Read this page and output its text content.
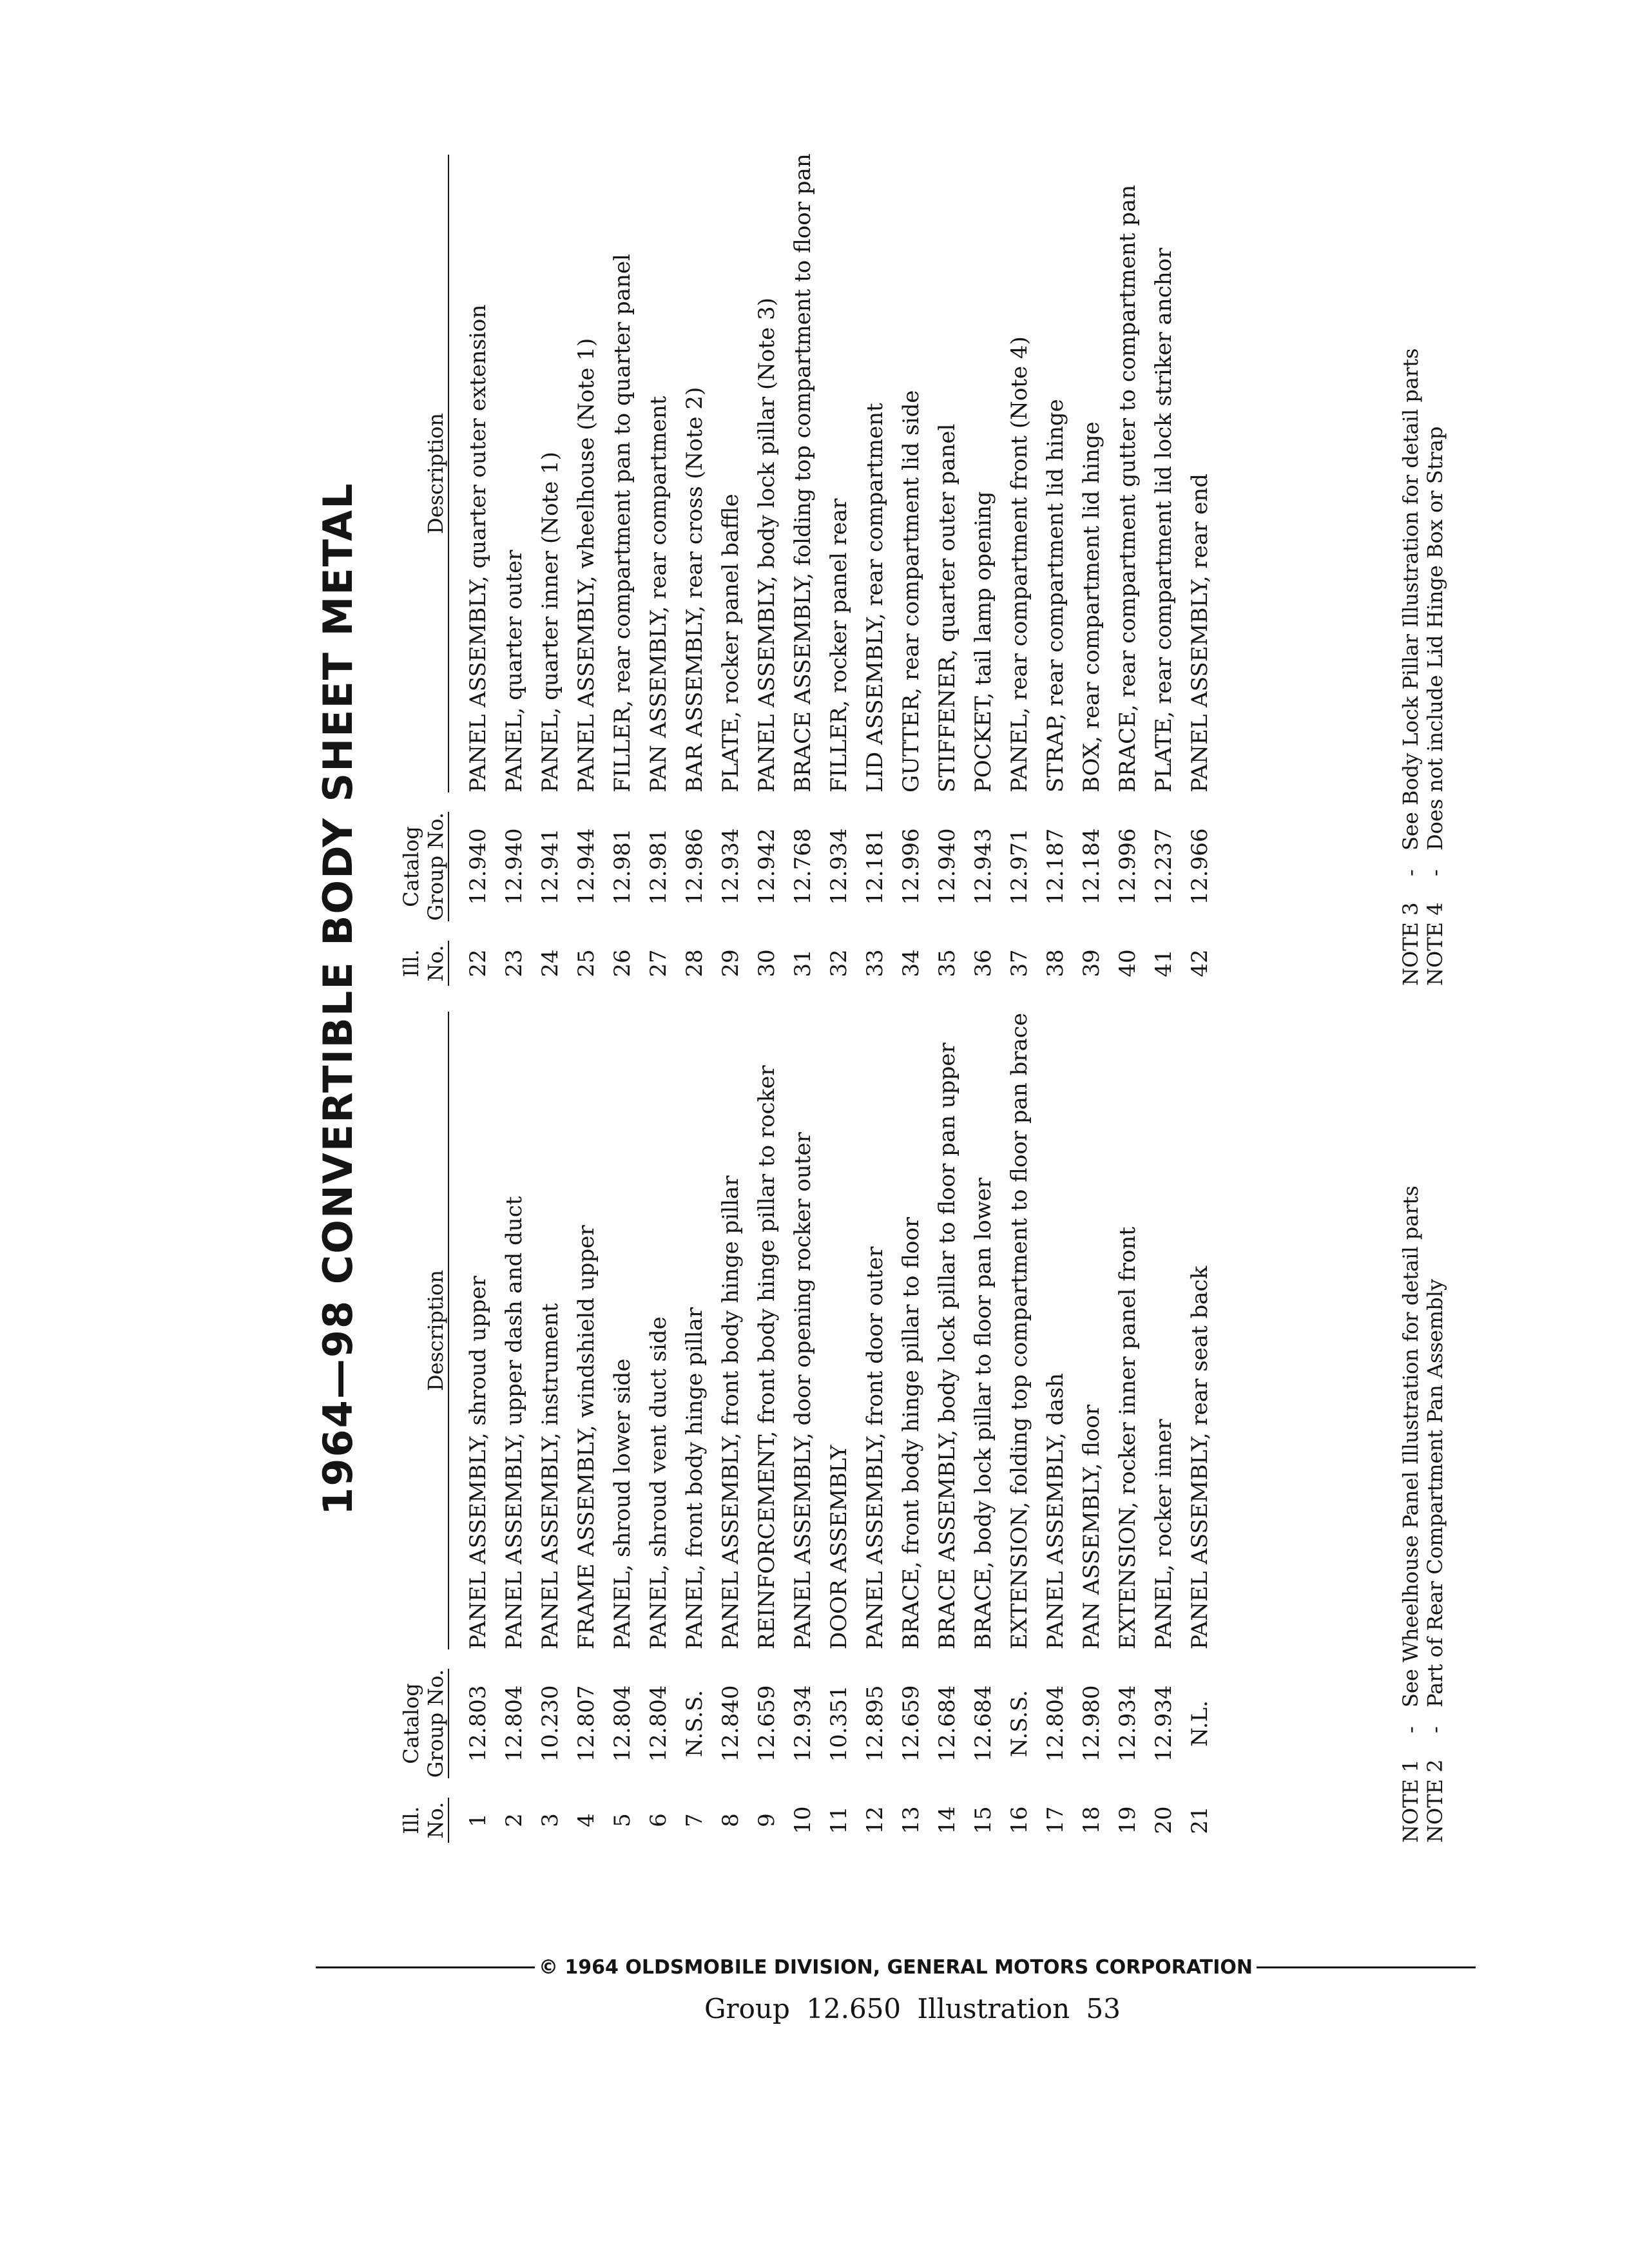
1964—98 CONVERTIBLE BODY SHEET METAL
Ill. No.
Catalog Group No.
Description
1
12.803
PANEL ASSEMBLY, shroud upper
2
12.804
PANEL ASSEMBLY, upper dash and duct
3
10.230
PANEL ASSEMBLY, instrument
4
12.807
FRAME ASSEMBLY, windshield upper
5
12.804
PANEL, shroud lower side
6
12.804
PANEL, shroud vent duct side
7
N.S.S.
PANEL, front body hinge pillar
8
12.840
PANEL ASSEMBLY, front body hinge pillar
9
12.659
REINFORCEMENT, front body hinge pillar to rocker
10
12.934
PANEL ASSEMBLY, door opening rocker outer
11
10.351
DOOR ASSEMBLY
12
12.895
PANEL ASSEMBLY, front door outer
13
12.659
BRACE, front body hinge pillar to floor
14
12.684
BRACE ASSEMBLY, body lock pillar to floor pan upper
15
12.684
BRACE, body lock pillar to floor pan lower
16
N.S.S.
EXTENSION, folding top compartment to floor pan brace
17
12.804
PANEL ASSEMBLY, dash
18
12.980
PAN ASSEMBLY, floor
19
12.934
EXTENSION, rocker inner panel front
20
12.934
PANEL, rocker inner
21
N.L.
PANEL ASSEMBLY, rear seat back
Ill. No.
Catalog Group No.
Description
22
12.940
PANEL ASSEMBLY, quarter outer extension
23
12.940
PANEL, quarter outer
24
12.941
PANEL, quarter inner (Note 1)
25
12.944
PANEL ASSEMBLY, wheelhouse (Note 1)
26
12.981
FILLER, rear compartment pan to quarter panel
27
12.981
PAN ASSEMBLY, rear compartment
28
12.986
BAR ASSEMBLY, rear cross (Note 2)
29
12.934
PLATE, rocker panel baffle
30
12.942
PANEL ASSEMBLY, body lock pillar (Note 3)
31
12.768
BRACE ASSEMBLY, folding top compartment to floor pan
32
12.934
FILLER, rocker panel rear
33
12.181
LID ASSEMBLY, rear compartment
34
12.996
GUTTER, rear compartment lid side
35
12.940
STIFFENER, quarter outer panel
36
12.943
POCKET, tail lamp opening
37
12.971
PANEL, rear compartment front (Note 4)
38
12.187
STRAP, rear compartment lid hinge
39
12.184
BOX, rear compartment lid hinge
40
12.996
BRACE, rear compartment gutter to compartment pan
41
12.237
PLATE, rear compartment lid lock striker anchor
42
12.966
PANEL ASSEMBLY, rear end
NOTE 1
-
See Wheelhouse Panel Illustration for detail parts
NOTE 2
-
Part of Rear Compartment Pan Assembly
NOTE 3
-
See Body Lock Pillar Illustration for detail parts
NOTE 4
-
Does not include Lid Hinge Box or Strap
© 1964 OLDSMOBILE DIVISION, GENERAL MOTORS CORPORATION
Group 12.650 Illustration 53
